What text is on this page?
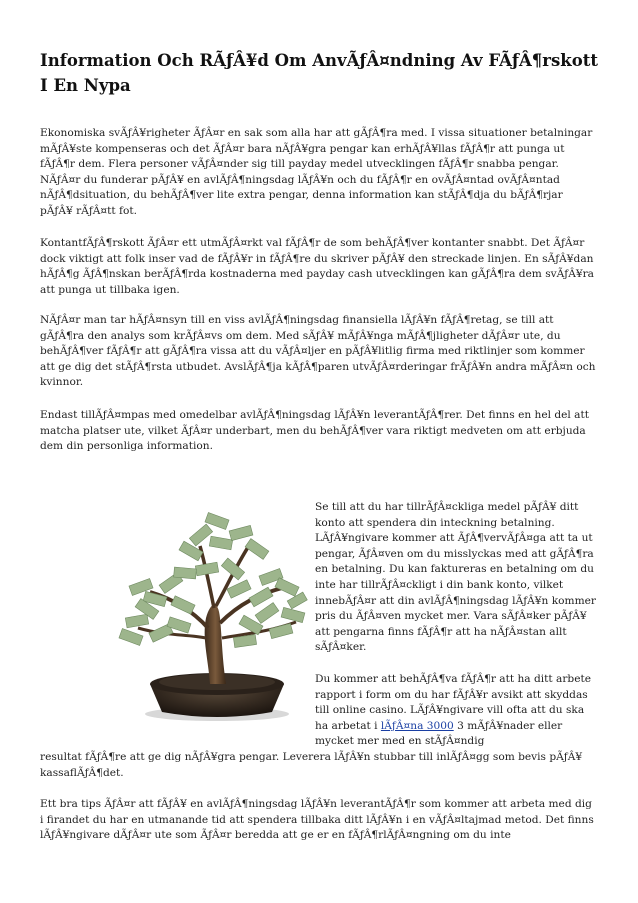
Information Och RÃƒÂ¥d Om AnvÃƒÂ¤ndning Av FÃƒÂ¶rskott I En Nypa

Ekonomiska svÃƒÂ¥righeter ÃƒÂ¤r en sak som alla har att gÃƒÂ¶ra med. I vissa situationer betalningar mÃƒÂ¥ste kompenseras och det ÃƒÂ¤r bara nÃƒÂ¥gra pengar kan erhÃƒÂ¥llas fÃƒÂ¶r att punga ut fÃƒÂ¶r dem. Flera personer vÃƒÂ¤nder sig till payday medel utvecklingen fÃƒÂ¶r snabba pengar. NÃƒÂ¤r du funderar pÃƒÂ¥ en avlÃƒÂ¶ningsdag lÃƒÂ¥n och du fÃƒÂ¶r en ovÃƒÂ¤ntad ovÃƒÂ¤ntad nÃƒÂ¶dsituation, du behÃƒÂ¶ver lite extra pengar, denna information kan stÃƒÂ¶dja du bÃƒÂ¶rjar pÃƒÂ¥ rÃƒÂ¤tt fot.

KontantfÃƒÂ¶rskott ÃƒÂ¤r ett utmÃƒÂ¤rkt val fÃƒÂ¶r de som behÃƒÂ¶ver kontanter snabbt. Det ÃƒÂ¤r dock viktigt att folk inser vad de fÃƒÂ¥r in fÃƒÂ¶re du skriver pÃƒÂ¥ den streckade linjen. En sÃƒÂ¥dan hÃƒÂ¶g ÃƒÂ¶nskan berÃƒÂ¶rda kostnaderna med payday cash utvecklingen kan gÃƒÂ¶ra dem svÃƒÂ¥ra att punga ut tillbaka igen.

NÃƒÂ¤r man tar hÃƒÂ¤nsyn till en viss avlÃƒÂ¶ningsdag finansiella lÃƒÂ¥n fÃƒÂ¶retag, se till att gÃƒÂ¶ra den analys som krÃƒÂ¤vs om dem. Med sÃƒÂ¥ mÃƒÂ¥nga mÃƒÂ¶jligheter dÃƒÂ¤r ute, du behÃƒÂ¶ver fÃƒÂ¶r att gÃƒÂ¶ra vissa att du vÃƒÂ¤ljer en pÃƒÂ¥litlig firma med riktlinjer som kommer att ge dig det stÃƒÂ¶rsta utbudet. AvslÃƒÂ¶ja kÃƒÂ¶paren utvÃƒÂ¤rderingar frÃƒÂ¥n andra mÃƒÂ¤n och kvinnor.

Endast tillÃƒÂ¤mpas med omedelbar avlÃƒÂ¶ningsdag lÃƒÂ¥n leverantÃƒÂ¶rer. Det finns en hel del att matcha platser ute, vilket ÃƒÂ¤r underbart, men du behÃƒÂ¶ver vara riktigt medveten om att erbjuda dem din personliga information.

Se till att du har tillrÃƒÂ¤ckliga medel pÃƒÂ¥ ditt konto att spendera din inteckning betalning. LÃƒÂ¥ngivare kommer att ÃƒÂ¶vervÃƒÂ¤ga att ta ut pengar, ÃƒÂ¤ven om du misslyckas med att gÃƒÂ¶ra en betalning. Du kan faktureras en betalning om du inte har tillrÃƒÂ¤ckligt i din bank konto, vilket innebÃƒÂ¤r att din avlÃƒÂ¶ningsdag lÃƒÂ¥n kommer pris du ÃƒÂ¤ven mycket mer. Vara sÃƒÂ¤ker pÃƒÂ¥ att pengarna finns fÃƒÂ¶r att ha nÃƒÂ¤stan allt sÃƒÂ¤ker.

Du kommer att behÃƒÂ¶va fÃƒÂ¶r att ha ditt arbete rapport i form om du har fÃƒÂ¥r avsikt att skyddas till online casino. LÃƒÂ¥ngivare vill ofta att du ska ha arbetat i lÃƒÂ¤na 3000 3 mÃƒÂ¥nader eller mycket mer med en stÃƒÂ¤ndig

resultat fÃƒÂ¶re att ge dig nÃƒÂ¥gra pengar. Leverera lÃƒÂ¥n stubbar till inlÃƒÂ¤gg som bevis pÃƒÂ¥ kassaflÃƒÂ¶det.

Ett bra tips ÃƒÂ¤r att fÃƒÂ¥ en avlÃƒÂ¶ningsdag lÃƒÂ¥n leverantÃƒÂ¶r som kommer att arbeta med dig i firandet du har en utmanande tid att spendera tillbaka ditt lÃƒÂ¥n i en vÃƒÂ¤ltajmad metod. Det finns lÃƒÂ¥ngivare dÃƒÂ¤r ute som ÃƒÂ¤r beredda att ge er en fÃƒÂ¶rlÃƒÂ¤ngning om du inte
